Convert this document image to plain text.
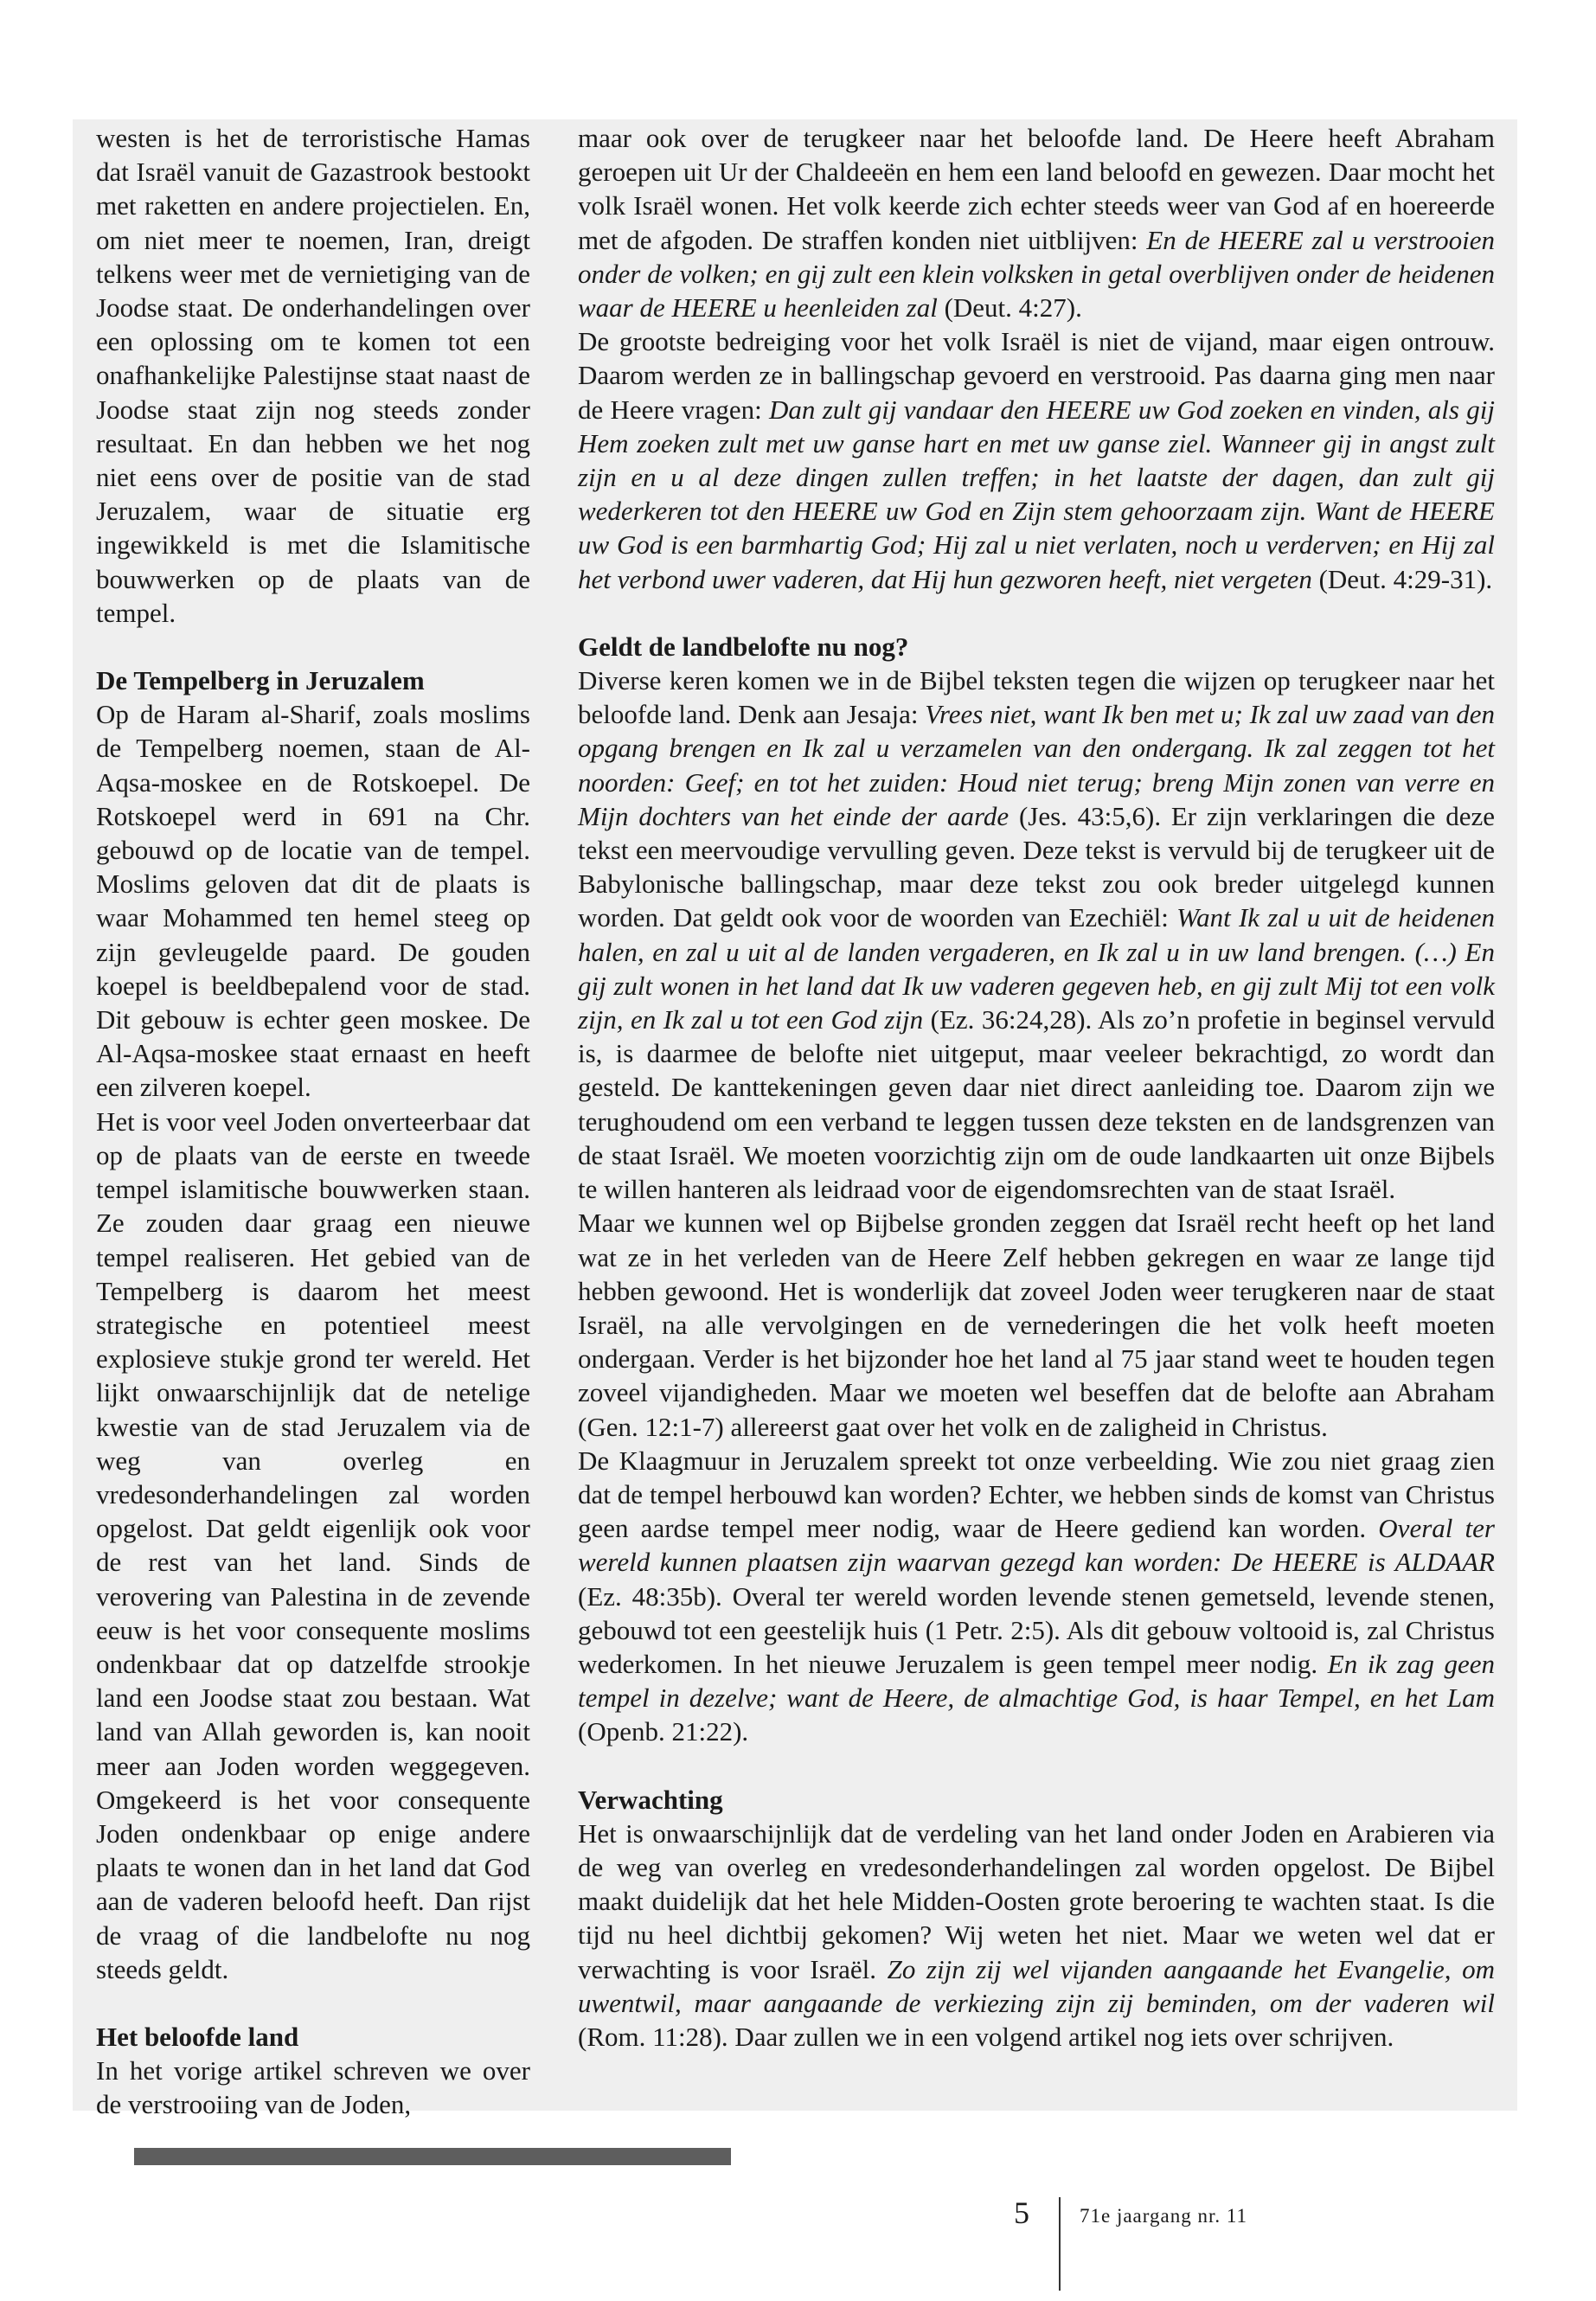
westen is het de terroristische Hamas dat Israël vanuit de Gazastrook bestookt met raketten en andere projectielen. En, om niet meer te noemen, Iran, dreigt telkens weer met de vernietiging van de Joodse staat. De onderhandelingen over een oplossing om te komen tot een onafhankelijke Palestijnse staat naast de Joodse staat zijn nog steeds zonder resultaat. En dan hebben we het nog niet eens over de positie van de stad Jeruzalem, waar de situatie erg ingewikkeld is met die Islamitische bouwwerken op de plaats van de tempel.

De Tempelberg in Jeruzalem

Op de Haram al-Sharif, zoals moslims de Tempelberg noemen, staan de Al-Aqsa-moskee en de Rotskoepel. De Rotskoepel werd in 691 na Chr. gebouwd op de locatie van de tempel. Moslims geloven dat dit de plaats is waar Mohammed ten hemel steeg op zijn gevleugelde paard. De gouden koepel is beeldbepalend voor de stad. Dit gebouw is echter geen moskee. De Al-Aqsa-moskee staat ernaast en heeft een zilveren koepel.

Het is voor veel Joden onverteerbaar dat op de plaats van de eerste en tweede tempel islamitische bouwwerken staan. Ze zouden daar graag een nieuwe tempel realiseren. Het gebied van de Tempelberg is daarom het meest strategische en potentieel meest explosieve stukje grond ter wereld. Het lijkt onwaarschijnlijk dat de netelige kwestie van de stad Jeruzalem via de weg van overleg en vredesonderhandelingen zal worden opgelost. Dat geldt eigenlijk ook voor de rest van het land. Sinds de verovering van Palestina in de zevende eeuw is het voor consequente moslims ondenkbaar dat op datzelfde strookje land een Joodse staat zou bestaan. Wat land van Allah geworden is, kan nooit meer aan Joden worden weggegeven. Omgekeerd is het voor consequente Joden ondenkbaar op enige andere plaats te wonen dan in het land dat God aan de vaderen beloofd heeft. Dan rijst de vraag of die landbelofte nu nog steeds geldt.

Het beloofde land

In het vorige artikel schreven we over de verstrooiing van de Joden,

maar ook over de terugkeer naar het beloofde land. De Heere heeft Abraham geroepen uit Ur der Chaldeeën en hem een land beloofd en gewezen. Daar mocht het volk Israël wonen. Het volk keerde zich echter steeds weer van God af en hoereerde met de afgoden. De straffen konden niet uitblijven: En de HEERE zal u verstrooien onder de volken; en gij zult een klein volksken in getal overblijven onder de heidenen waar de HEERE u heenleiden zal (Deut. 4:27).

De grootste bedreiging voor het volk Israël is niet de vijand, maar eigen ontrouw. Daarom werden ze in ballingschap gevoerd en verstrooid. Pas daarna ging men naar de Heere vragen: Dan zult gij vandaar den HEERE uw God zoeken en vinden, als gij Hem zoeken zult met uw ganse hart en met uw ganse ziel. Wanneer gij in angst zult zijn en u al deze dingen zullen treffen; in het laatste der dagen, dan zult gij wederkeren tot den HEERE uw God en Zijn stem gehoorzaam zijn. Want de HEERE uw God is een barmhartig God; Hij zal u niet verlaten, noch u verderven; en Hij zal het verbond uwer vaderen, dat Hij hun gezworen heeft, niet vergeten (Deut. 4:29-31).

Geldt de landbelofte nu nog?

Diverse keren komen we in de Bijbel teksten tegen die wijzen op terugkeer naar het beloofde land. Denk aan Jesaja: Vrees niet, want Ik ben met u; Ik zal uw zaad van den opgang brengen en Ik zal u verzamelen van den ondergang. Ik zal zeggen tot het noorden: Geef; en tot het zuiden: Houd niet terug; breng Mijn zonen van verre en Mijn dochters van het einde der aarde (Jes. 43:5,6). Er zijn verklaringen die deze tekst een meervoudige vervulling geven. Deze tekst is vervuld bij de terugkeer uit de Babylonische ballingschap, maar deze tekst zou ook breder uitgelegd kunnen worden. Dat geldt ook voor de woorden van Ezechiël: Want Ik zal u uit de heidenen halen, en zal u uit al de landen vergaderen, en Ik zal u in uw land brengen. (…) En gij zult wonen in het land dat Ik uw vaderen gegeven heb, en gij zult Mij tot een volk zijn, en Ik zal u tot een God zijn (Ez. 36:24,28). Als zo’n profetie in beginsel vervuld is, is daarmee de belofte niet uitgeput, maar veeleer bekrachtigd, zo wordt dan gesteld. De kanttekeningen geven daar niet direct aanleiding toe. Daarom zijn we terughoudend om een verband te leggen tussen deze teksten en de landsgrenzen van de staat Israël. We moeten voorzichtig zijn om de oude landkaarten uit onze Bijbels te willen hanteren als leidraad voor de eigendomsrechten van de staat Israël.

Maar we kunnen wel op Bijbelse gronden zeggen dat Israël recht heeft op het land wat ze in het verleden van de Heere Zelf hebben gekregen en waar ze lange tijd hebben gewoond. Het is wonderlijk dat zoveel Joden weer terugkeren naar de staat Israël, na alle vervolgingen en de vernederingen die het volk heeft moeten ondergaan. Verder is het bijzonder hoe het land al 75 jaar stand weet te houden tegen zoveel vijandigheden. Maar we moeten wel beseffen dat de belofte aan Abraham (Gen. 12:1-7) allereerst gaat over het volk en de zaligheid in Christus.

De Klaagmuur in Jeruzalem spreekt tot onze verbeelding. Wie zou niet graag zien dat de tempel herbouwd kan worden? Echter, we hebben sinds de komst van Christus geen aardse tempel meer nodig, waar de Heere gediend kan worden. Overal ter wereld kunnen plaatsen zijn waarvan gezegd kan worden: De HEERE is ALDAAR (Ez. 48:35b). Overal ter wereld worden levende stenen gemetseld, levende stenen, gebouwd tot een geestelijk huis (1 Petr. 2:5). Als dit gebouw voltooid is, zal Christus wederkomen. In het nieuwe Jeruzalem is geen tempel meer nodig. En ik zag geen tempel in dezelve; want de Heere, de almachtige God, is haar Tempel, en het Lam (Openb. 21:22).

Verwachting

Het is onwaarschijnlijk dat de verdeling van het land onder Joden en Arabieren via de weg van overleg en vredesonderhandelingen zal worden opgelost. De Bijbel maakt duidelijk dat het hele Midden-Oosten grote beroering te wachten staat. Is die tijd nu heel dichtbij gekomen? Wij weten het niet. Maar we weten wel dat er verwachting is voor Israël. Zo zijn zij wel vijanden aangaande het Evangelie, om uwentwil, maar aangaande de verkiezing zijn zij beminden, om der vaderen wil (Rom. 11:28). Daar zullen we in een volgend artikel nog iets over schrijven.

5	71e jaargang nr. 11
